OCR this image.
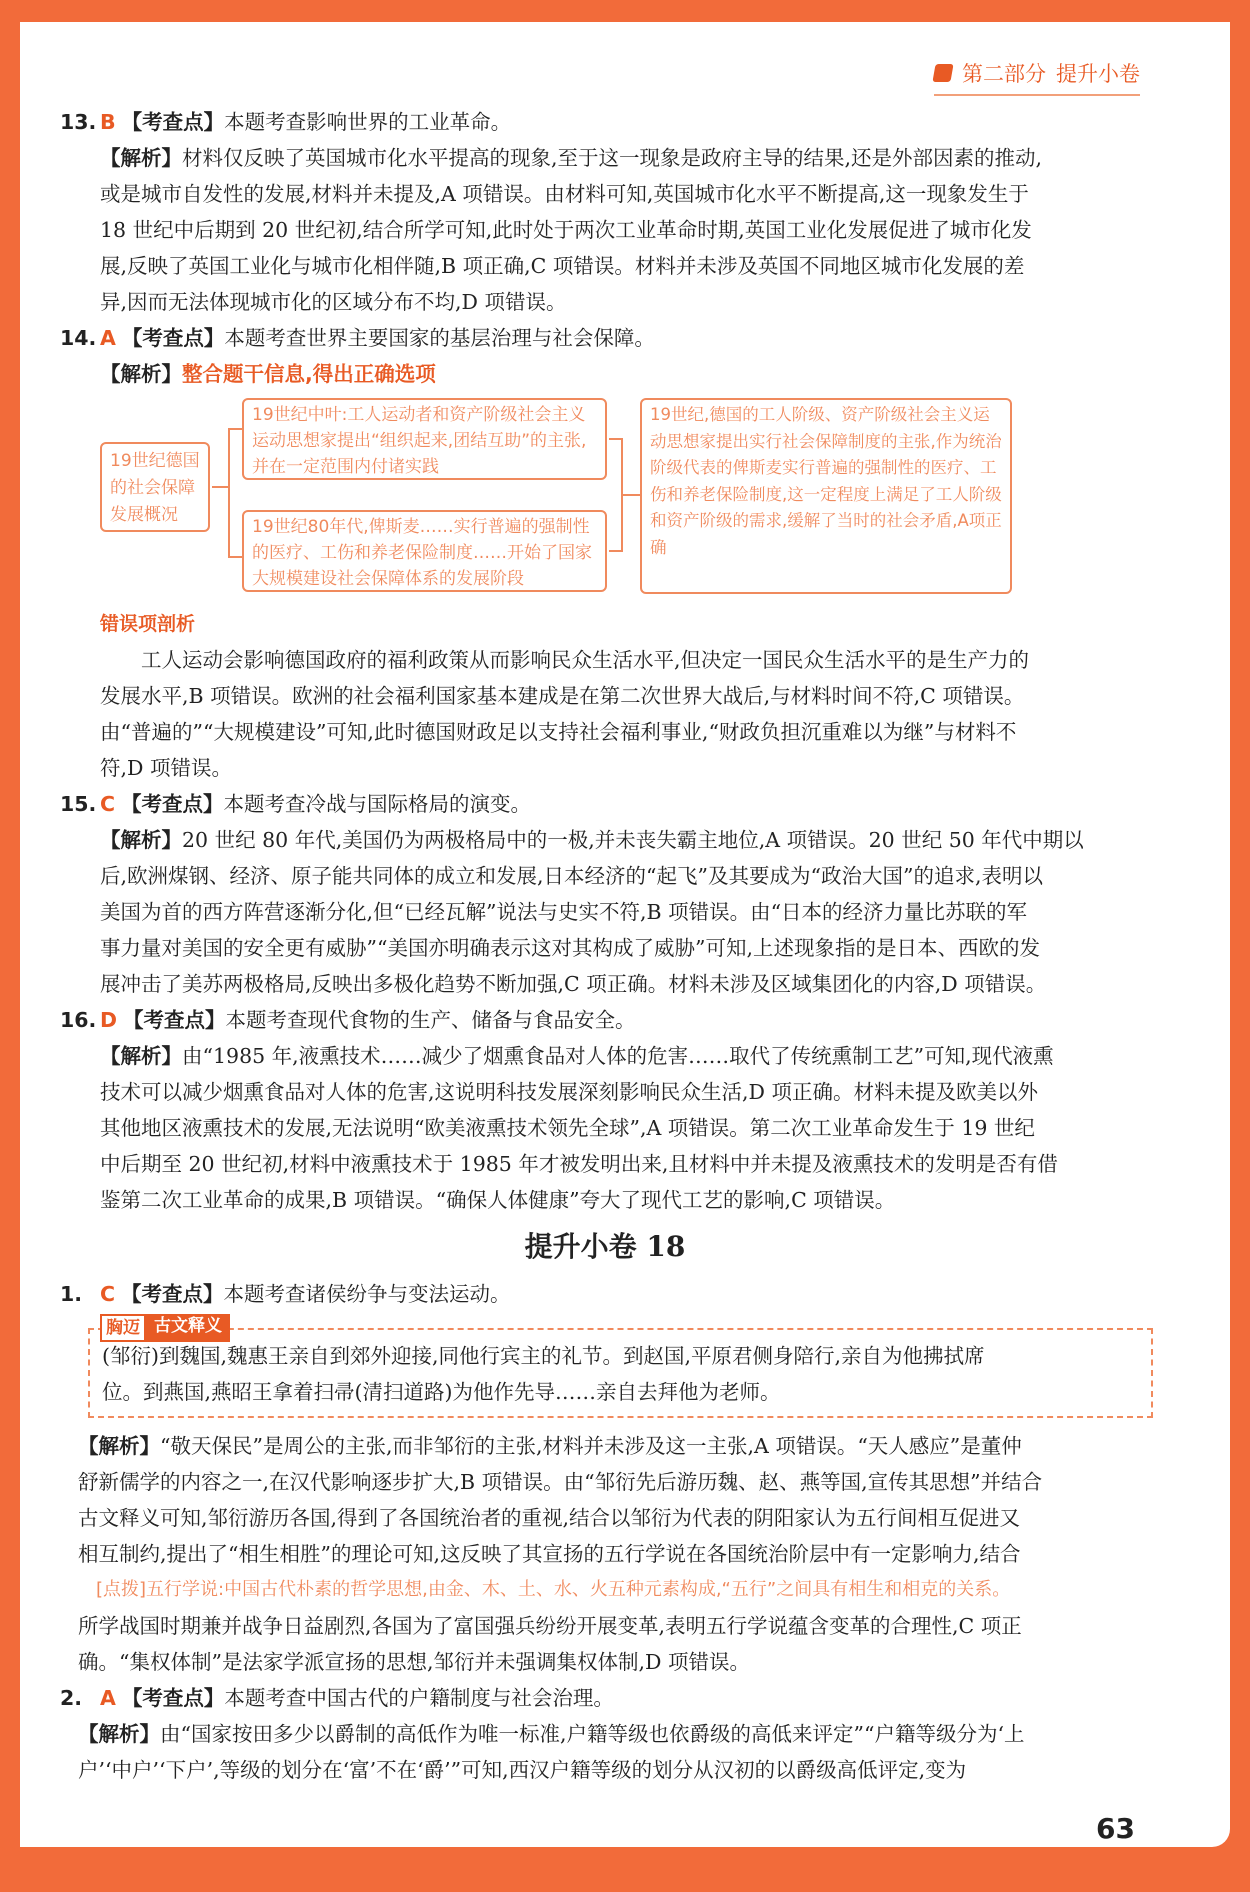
第二部分 提升小卷
13. B 【考查点】本题考查影响世界的工业革命。
【解析】材料仅反映了英国城市化水平提高的现象,至于这一现象是政府主导的结果,还是外部因素的推动,
或是城市自发性的发展,材料并未提及,A 项错误。由材料可知,英国城市化水平不断提高,这一现象发生于
18 世纪中后期到 20 世纪初,结合所学可知,此时处于两次工业革命时期,英国工业化发展促进了城市化发
展,反映了英国工业化与城市化相伴随,B 项正确,C 项错误。材料并未涉及英国不同地区城市化发展的差
异,因而无法体现城市化的区域分布不均,D 项错误。
14. A 【考查点】本题考查世界主要国家的基层治理与社会保障。
【解析】整合题干信息,得出正确选项
19世纪德国的社会保障发展概况
19世纪中叶:工人运动者和资产阶级社会主义运动思想家提出“组织起来,团结互助”的主张,并在一定范围内付诸实践
19世纪80年代,俾斯麦……实行普遍的强制性的医疗、工伤和养老保险制度……开始了国家大规模建设社会保障体系的发展阶段
19世纪,德国的工人阶级、资产阶级社会主义运动思想家提出实行社会保障制度的主张,作为统治阶级代表的俾斯麦实行普遍的强制性的医疗、工伤和养老保险制度,这一定程度上满足了工人阶级和资产阶级的需求,缓解了当时的社会矛盾,A项正确
错误项剖析
工人运动会影响德国政府的福利政策从而影响民众生活水平,但决定一国民众生活水平的是生产力的
发展水平,B 项错误。欧洲的社会福利国家基本建成是在第二次世界大战后,与材料时间不符,C 项错误。
由“普遍的”“大规模建设”可知,此时德国财政足以支持社会福利事业,“财政负担沉重难以为继”与材料不
符,D 项错误。
15. C 【考查点】本题考查冷战与国际格局的演变。
【解析】20 世纪 80 年代,美国仍为两极格局中的一极,并未丧失霸主地位,A 项错误。20 世纪 50 年代中期以
后,欧洲煤钢、经济、原子能共同体的成立和发展,日本经济的“起飞”及其要成为“政治大国”的追求,表明以
美国为首的西方阵营逐渐分化,但“已经瓦解”说法与史实不符,B 项错误。由“日本的经济力量比苏联的军
事力量对美国的安全更有威胁”“美国亦明确表示这对其构成了威胁”可知,上述现象指的是日本、西欧的发
展冲击了美苏两极格局,反映出多极化趋势不断加强,C 项正确。材料未涉及区域集团化的内容,D 项错误。
16. D 【考查点】本题考查现代食物的生产、储备与食品安全。
【解析】由“1985 年,液熏技术……减少了烟熏食品对人体的危害……取代了传统熏制工艺”可知,现代液熏
技术可以减少烟熏食品对人体的危害,这说明科技发展深刻影响民众生活,D 项正确。材料未提及欧美以外
其他地区液熏技术的发展,无法说明“欧美液熏技术领先全球”,A 项错误。第二次工业革命发生于 19 世纪
中后期至 20 世纪初,材料中液熏技术于 1985 年才被发明出来,且材料中并未提及液熏技术的发明是否有借
鉴第二次工业革命的成果,B 项错误。“确保人体健康”夸大了现代工艺的影响,C 项错误。
提升小卷 18
1. C 【考查点】本题考查诸侯纷争与变法运动。
胸迈 古文释义
(邹衍)到魏国,魏惠王亲自到郊外迎接,同他行宾主的礼节。到赵国,平原君侧身陪行,亲自为他拂拭席
位。到燕国,燕昭王拿着扫帚(清扫道路)为他作先导……亲自去拜他为老师。
【解析】“敬天保民”是周公的主张,而非邹衍的主张,材料并未涉及这一主张,A 项错误。“天人感应”是董仲
舒新儒学的内容之一,在汉代影响逐步扩大,B 项错误。由“邹衍先后游历魏、赵、燕等国,宣传其思想”并结合
古文释义可知,邹衍游历各国,得到了各国统治者的重视,结合以邹衍为代表的阴阳家认为五行间相互促进又
相互制约,提出了“相生相胜”的理论可知,这反映了其宣扬的五行学说在各国统治阶层中有一定影响力,结合
[点拨]五行学说:中国古代朴素的哲学思想,由金、木、土、水、火五种元素构成,“五行”之间具有相生和相克的关系。
所学战国时期兼并战争日益剧烈,各国为了富国强兵纷纷开展变革,表明五行学说蕴含变革的合理性,C 项正
确。“集权体制”是法家学派宣扬的思想,邹衍并未强调集权体制,D 项错误。
2. A 【考查点】本题考查中国古代的户籍制度与社会治理。
【解析】由“国家按田多少以爵制的高低作为唯一标准,户籍等级也依爵级的高低来评定”“户籍等级分为‘上
户’‘中户’‘下户’,等级的划分在‘富’不在‘爵’”可知,西汉户籍等级的划分从汉初的以爵级高低评定,变为
63
